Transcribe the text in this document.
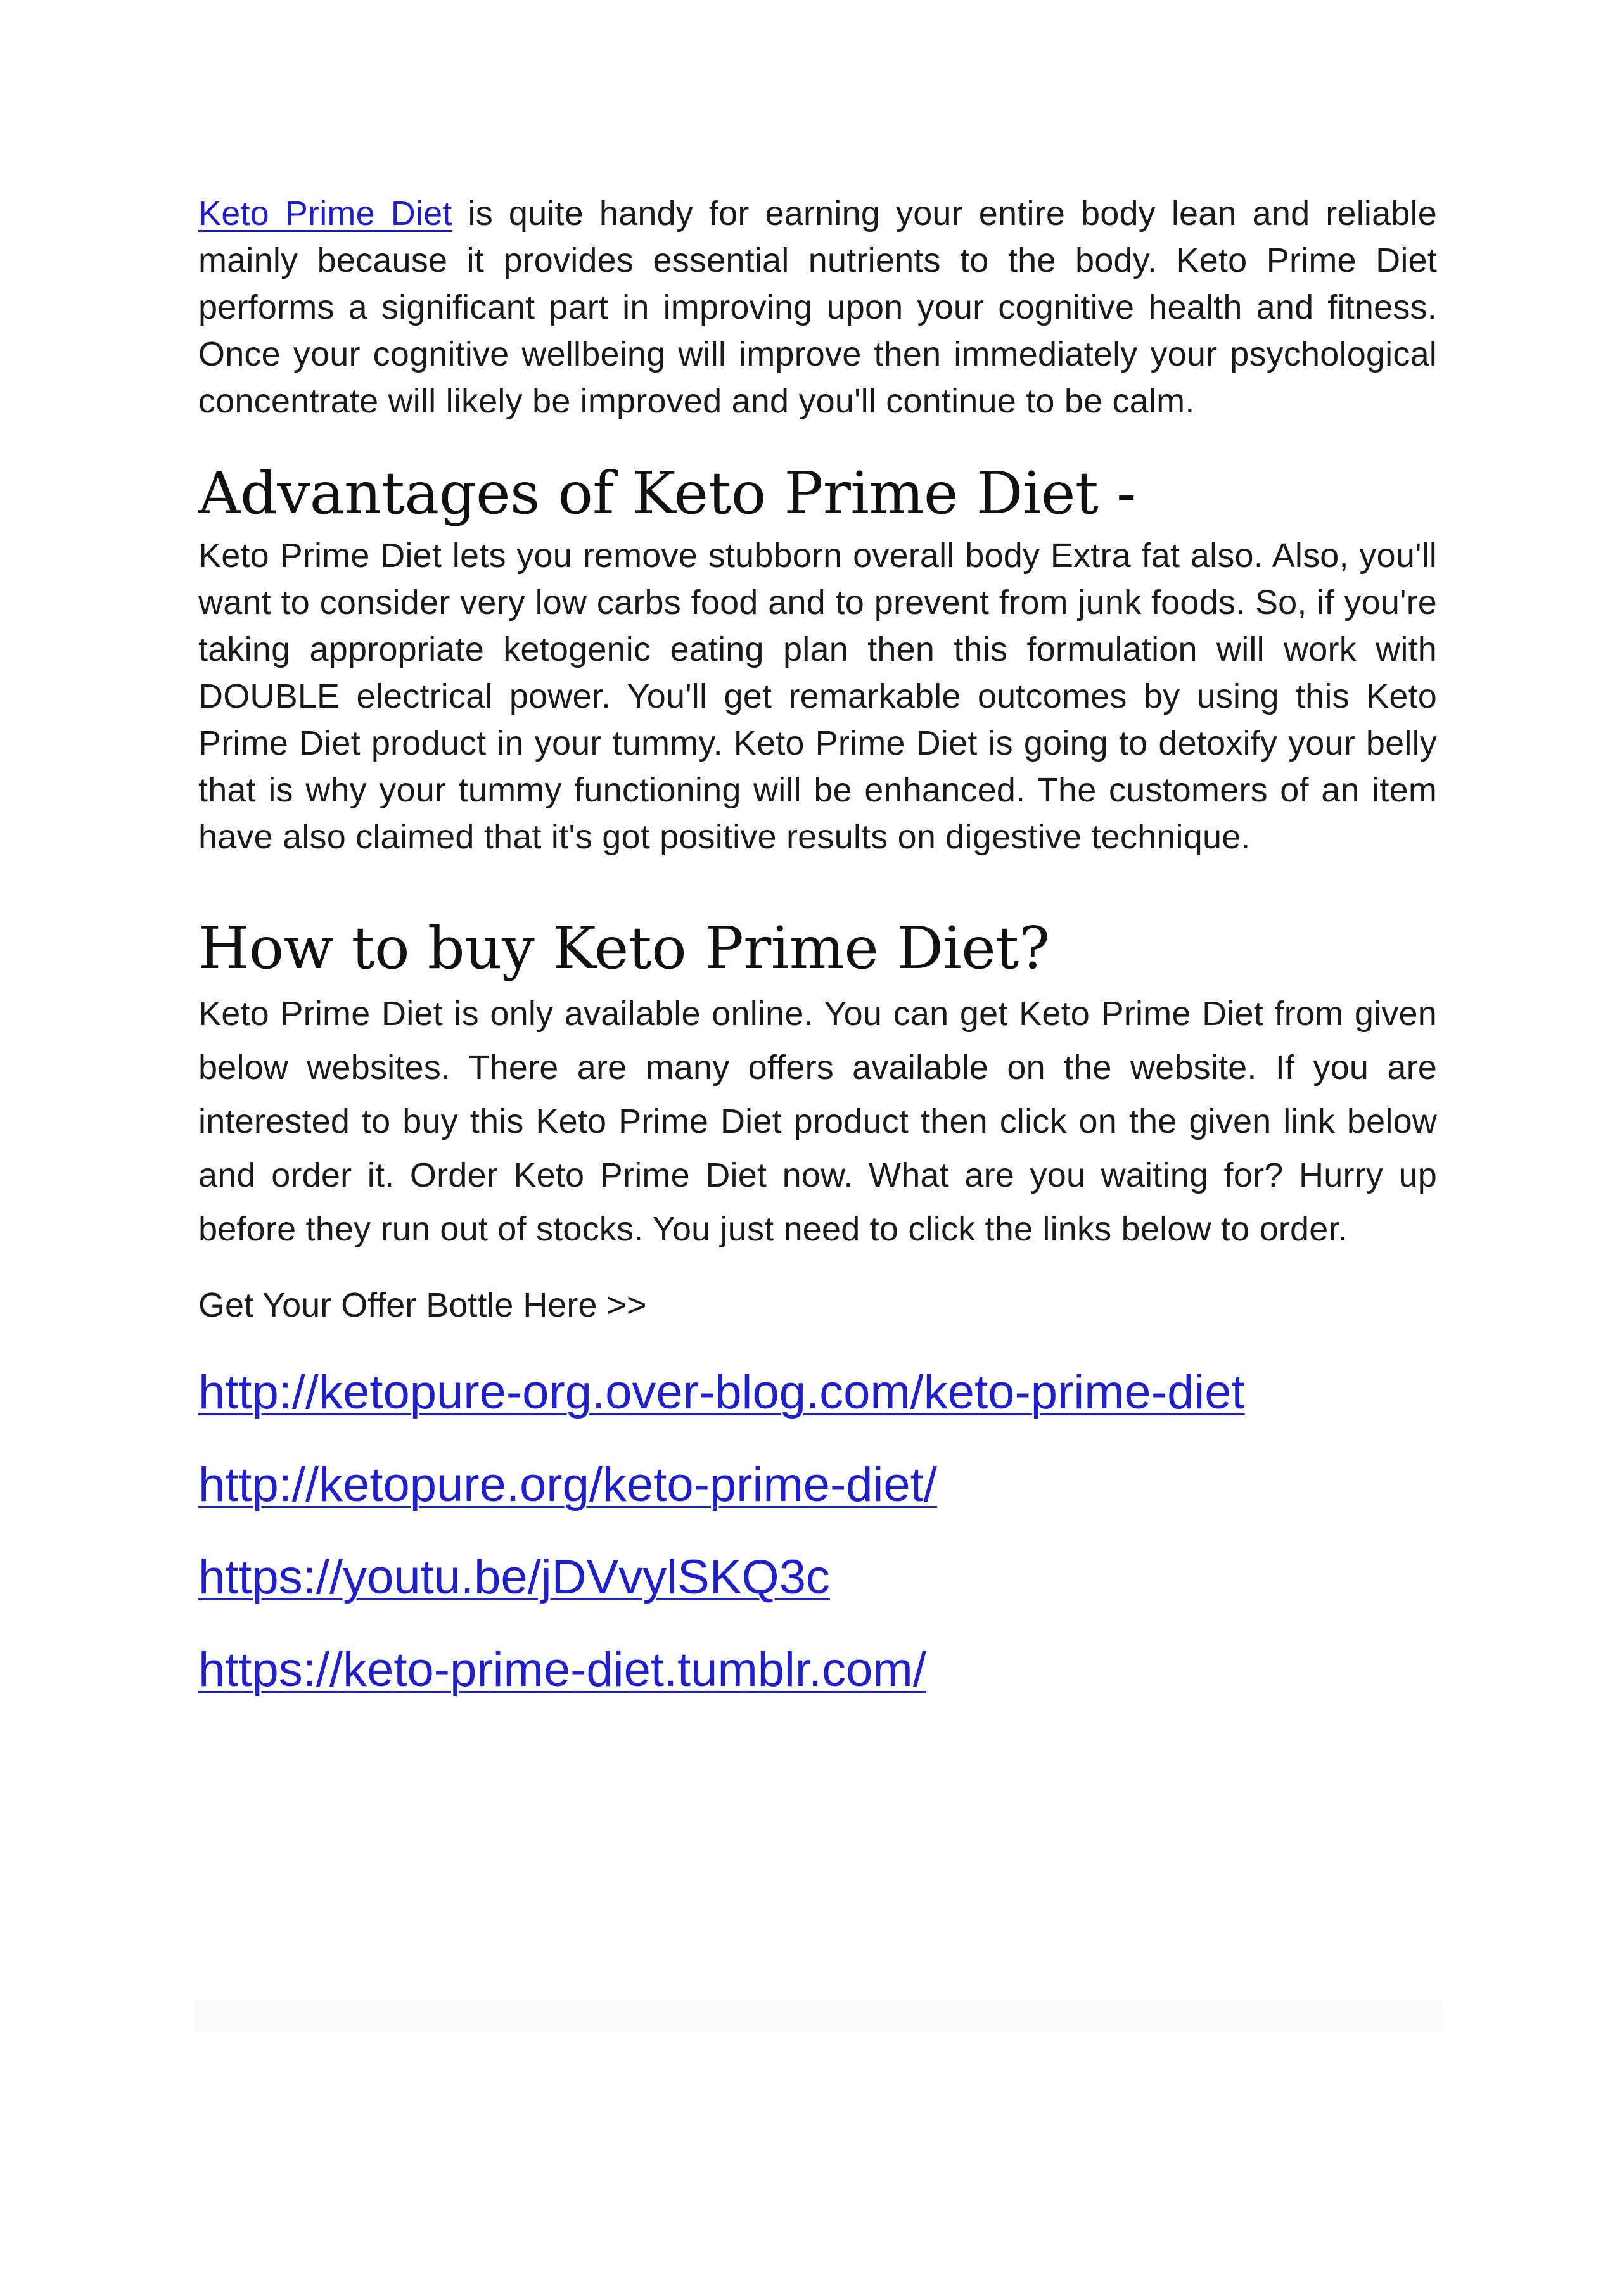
Keto Prime Diet is quite handy for earning your entire body lean and reliable mainly because it provides essential nutrients to the body. Keto Prime Diet performs a significant part in improving upon your cognitive health and fitness. Once your cognitive wellbeing will improve then immediately your psychological concentrate will likely be improved and you'll continue to be calm.

Advantages of Keto Prime Diet -

Keto Prime Diet lets you remove stubborn overall body Extra fat also. Also, you'll want to consider very low carbs food and to prevent from junk foods. So, if you're taking appropriate ketogenic eating plan then this formulation will work with DOUBLE electrical power. You'll get remarkable outcomes by using this Keto Prime Diet product in your tummy. Keto Prime Diet is going to detoxify your belly that is why your tummy functioning will be enhanced. The customers of an item have also claimed that it's got positive results on digestive technique.

How to buy Keto Prime Diet?

Keto Prime Diet is only available online. You can get Keto Prime Diet from given below websites. There are many offers available on the website. If you are interested to buy this Keto Prime Diet product then click on the given link below and order it. Order Keto Prime Diet now. What are you waiting for? Hurry up before they run out of stocks. You just need to click the links below to order.

Get Your Offer Bottle Here >>

http://ketopure-org.over-blog.com/keto-prime-diet
http://ketopure.org/keto-prime-diet/
https://youtu.be/jDVvylSKQ3c
https://keto-prime-diet.tumblr.com/
